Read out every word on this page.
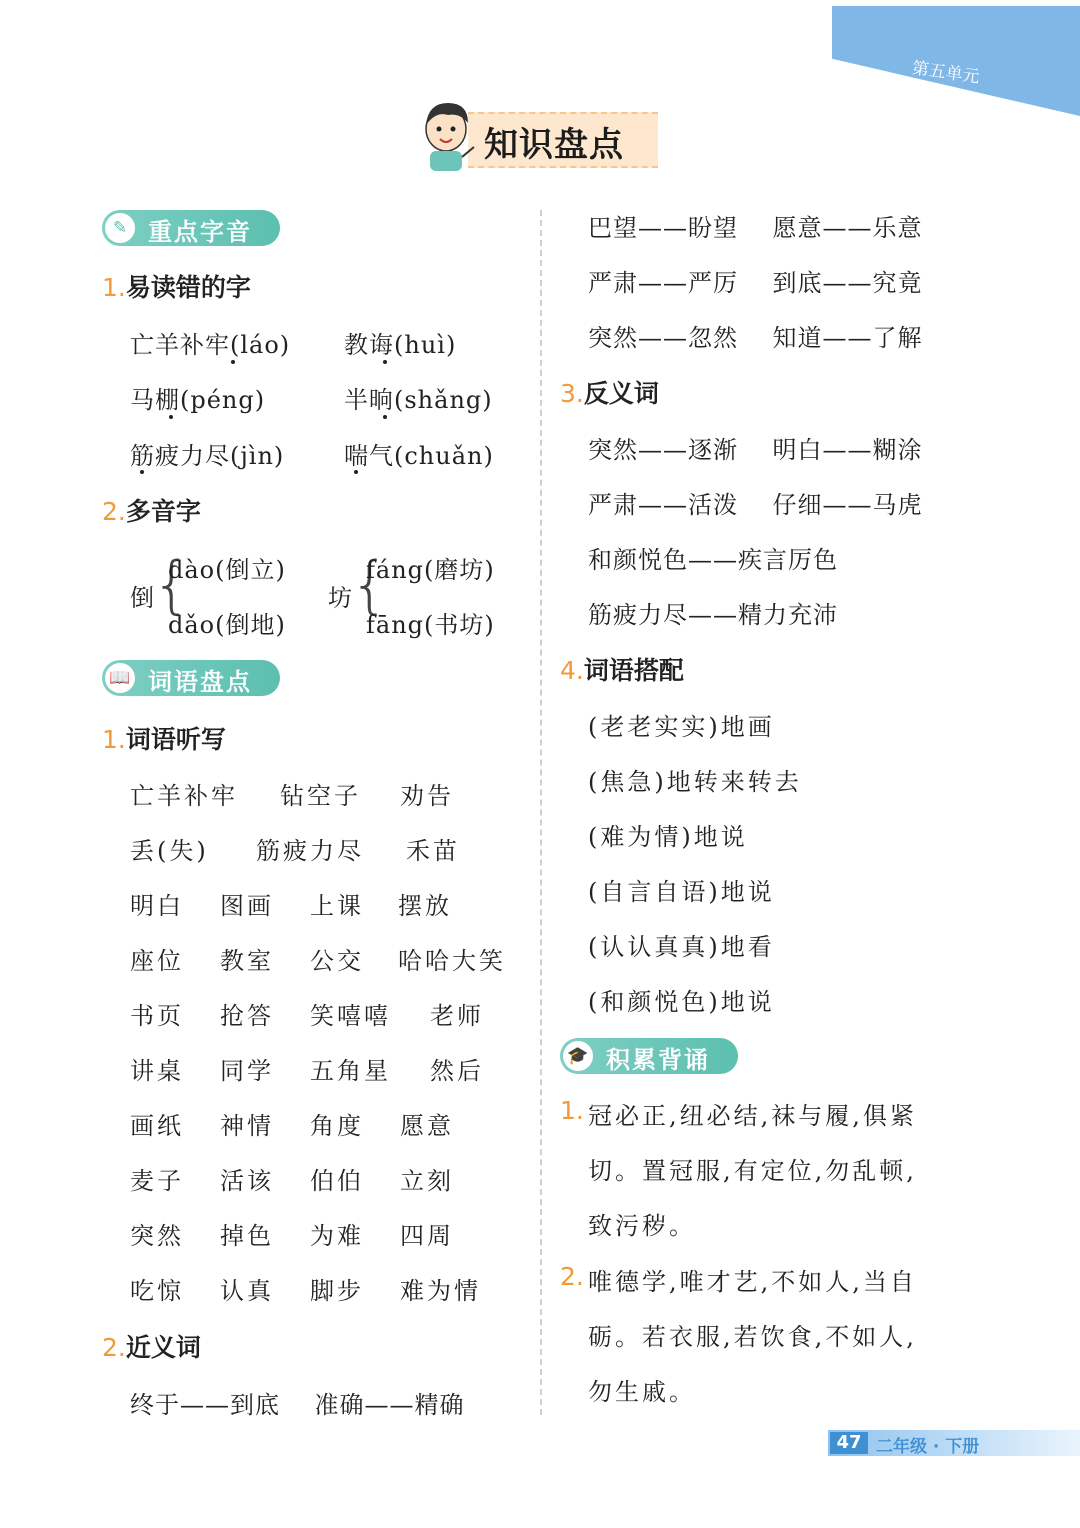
第五单元
知识盘点
✎ 重点字音
1.易读错的字
亡羊补牢(láo) 教诲(huì)
马棚(péng)	半晌(shǎng)
筋疲力尽(jìn) 喘气(chuǎn)
2.多音字
倒
{
dào(倒立)
dǎo(倒地)
坊
{
fáng(磨坊)
fāng(书坊)
📖 词语盘点
1.词语听写
亡羊补牢 钻空子 劝告
丢(失) 筋疲力尽 禾苗
明白 图画 上课 摆放
座位 教室 公交 哈哈大笑
书页 抢答 笑嘻嘻 老师
讲桌 同学 五角星 然后
画纸 神情 角度 愿意
麦子 活该 伯伯 立刻
突然 掉色 为难 四周
吃惊 认真 脚步 难为情
2.近义词
终于——到底    准确——精确
巴望——盼望    愿意——乐意
严肃——严厉    到底——究竟
突然——忽然    知道——了解
3.反义词
突然——逐渐    明白——糊涂
严肃——活泼    仔细——马虎
和颜悦色——疾言厉色
筋疲力尽——精力充沛
4.词语搭配
(老老实实)地画
(焦急)地转来转去
(难为情)地说
(自言自语)地说
(认认真真)地看
(和颜悦色)地说
🎓 积累背诵
1. 冠必正,纽必结,袜与履,俱紧
切。置冠服,有定位,勿乱顿,
致污秽。
2. 唯德学,唯才艺,不如人,当自
砺。若衣服,若饮食,不如人,
勿生戚。
47 二年级 · 下册
